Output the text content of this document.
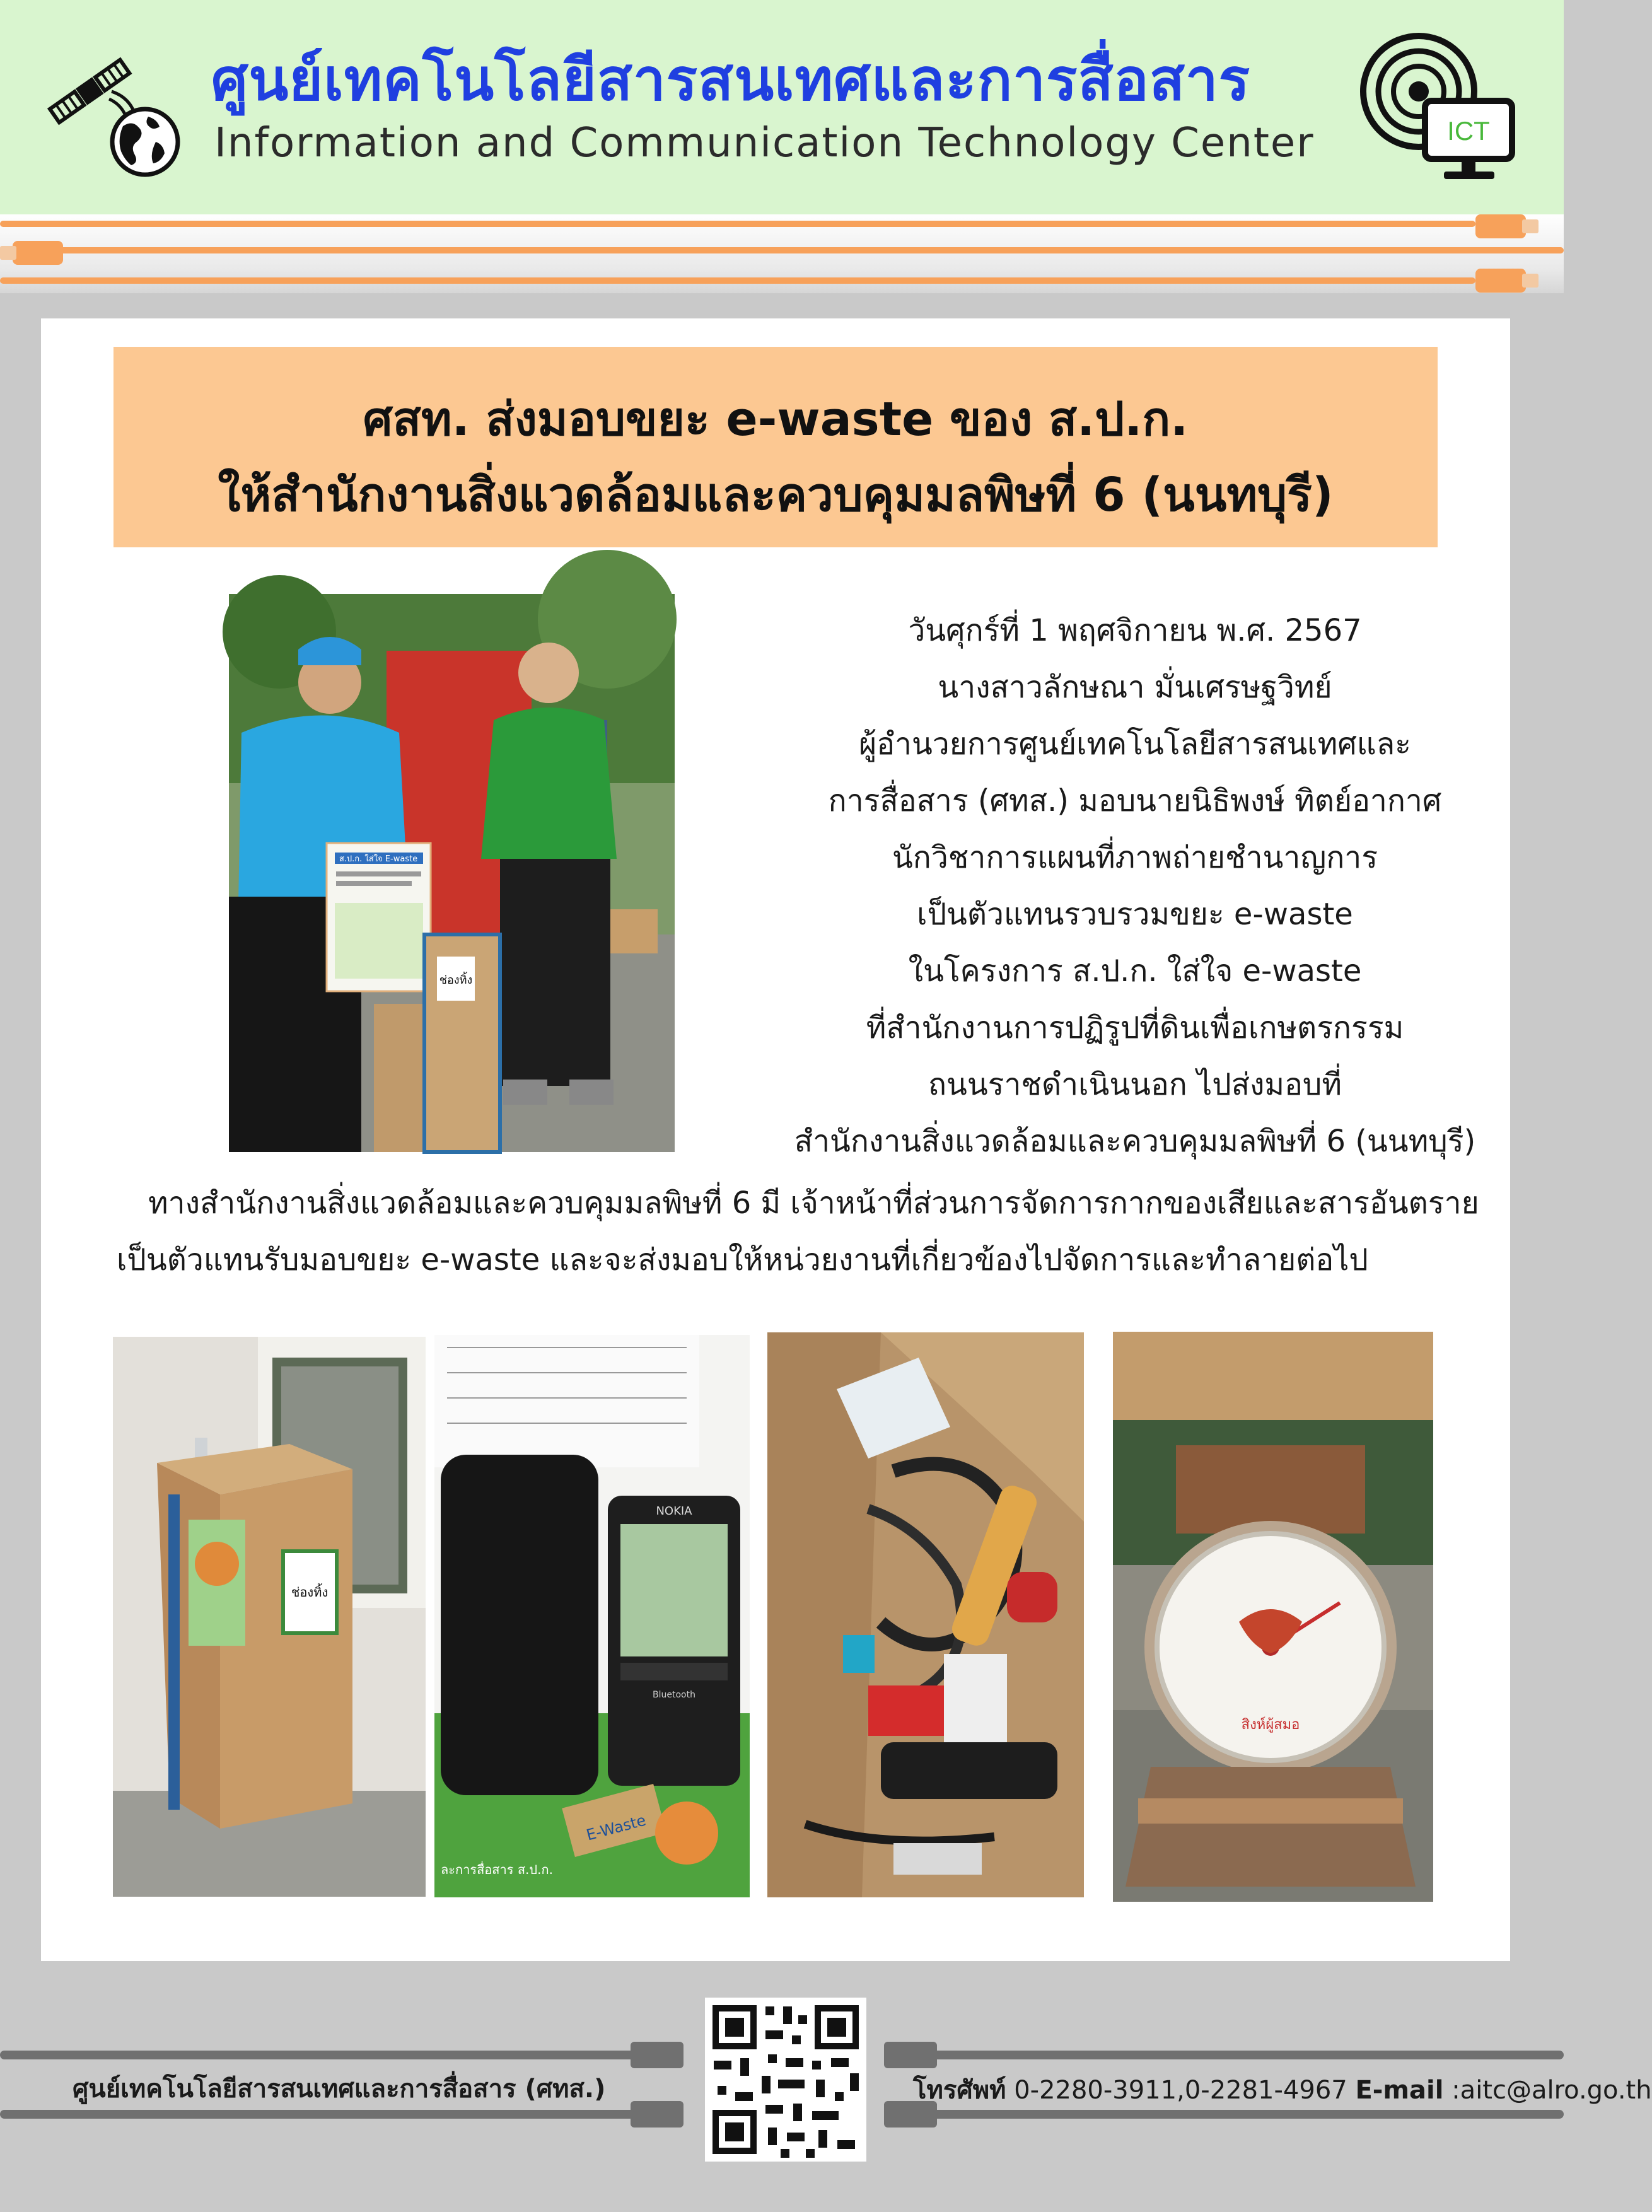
ศูนย์เทคโนโลยีสารสนเทศและการสื่อสาร
Information and Communication Technology Center	ICT
ศสท. ส่งมอบขยะ e-waste ของ ส.ป.ก.
ให้สำนักงานสิ่งแวดล้อมและควบคุมมลพิษที่ 6 (นนทบุรี)
ส.ป.ก. ใส่ใจ E-waste
ช่องทิ้ง
วันศุกร์ที่ 1 พฤศจิกายน พ.ศ. 2567
นางสาวลักษณา มั่นเศรษฐวิทย์
ผู้อำนวยการศูนย์เทคโนโลยีสารสนเทศและ
การสื่อสาร (ศทส.) มอบนายนิธิพงษ์ ทิตย์อากาศ
นักวิชาการแผนที่ภาพถ่ายชำนาญการ
เป็นตัวแทนรวบรวมขยะ e-waste
ในโครงการ ส.ป.ก. ใส่ใจ e-waste
ที่สำนักงานการปฏิรูปที่ดินเพื่อเกษตรกรรม
ถนนราชดำเนินนอก ไปส่งมอบที่
สำนักงานสิ่งแวดล้อมและควบคุมมลพิษที่ 6 (นนทบุรี)
ทางสำนักงานสิ่งแวดล้อมและควบคุมมลพิษที่ 6 มี เจ้าหน้าที่ส่วนการจัดการกากของเสียและสารอันตราย
เป็นตัวแทนรับมอบขยะ e-waste และจะส่งมอบให้หน่วยงานที่เกี่ยวข้องไปจัดการและทำลายต่อไป
ช่องทิ้ง
NOKIA
Bluetooth
E-Waste
ละการสื่อสาร ส.ป.ก.
สิงห์ผู้สมอ
ศูนย์เทคโนโลยีสารสนเทศและการสื่อสาร (ศทส.)	โทรศัพท์ 0-2280-3911,0-2281-4967 E-mail :aitc@alro.go.th
